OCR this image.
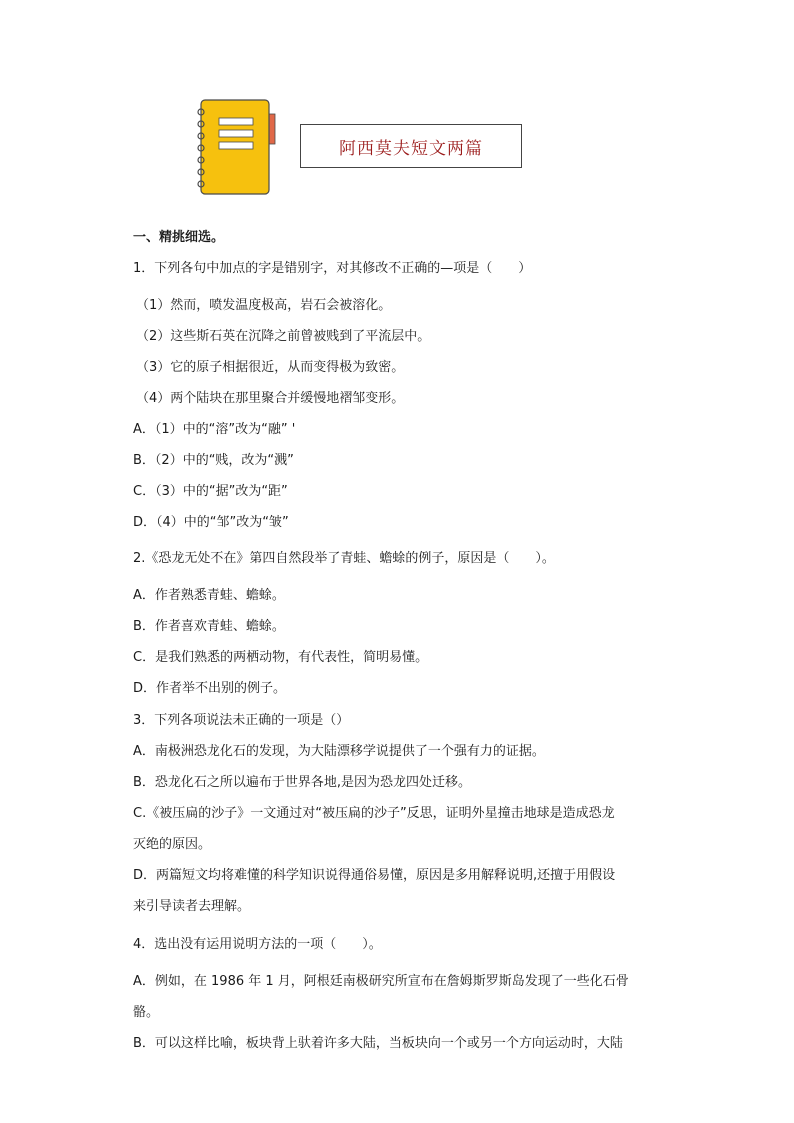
阿西莫夫短文两篇
一、精挑细选。
1．下列各句中加点的字是错别字，对其修改不正确的—项是（　　）
（1）然而，喷发温度极高，岩石会被溶化。
（2）这些斯石英在沉降之前曾被贱到了平流层中。
（3）它的原子相据很近，从而变得极为致密。
（4）两个陆块在那里聚合并缓慢地褶邹变形。
A．（1）中的“溶”改为“融” '
B．（2）中的“贱，改为“溅”
C．（3）中的“据”改为“距”
D．（4）中的“邹”改为“皱”
2.《恐龙无处不在》第四自然段举了青蛙、蟾蜍的例子，原因是（　　）。
A．作者熟悉青蛙、蟾蜍。
B．作者喜欢青蛙、蟾蜍。
C．是我们熟悉的两栖动物，有代表性，简明易懂。
D．作者举不出别的例子。
3．下列各项说法未正确的一项是（）
A．南极洲恐龙化石的发现，为大陆漂移学说提供了一个强有力的证据。
B．恐龙化石之所以遍布于世界各地,是因为恐龙四处迁移。
C.《被压扁的沙子》一文通过对“被压扁的沙子”反思，证明外星撞击地球是造成恐龙
灭绝的原因。
D．两篇短文均将难懂的科学知识说得通俗易懂，原因是多用解释说明,还擅于用假设
来引导读者去理解。
4．选出没有运用说明方法的一项（　　）。
A．例如，在 1986 年 1 月，阿根廷南极研究所宣布在詹姆斯罗斯岛发现了一些化石骨
骼。
B．可以这样比喻，板块背上驮着许多大陆，当板块向一个或另一个方向运动时，大陆
